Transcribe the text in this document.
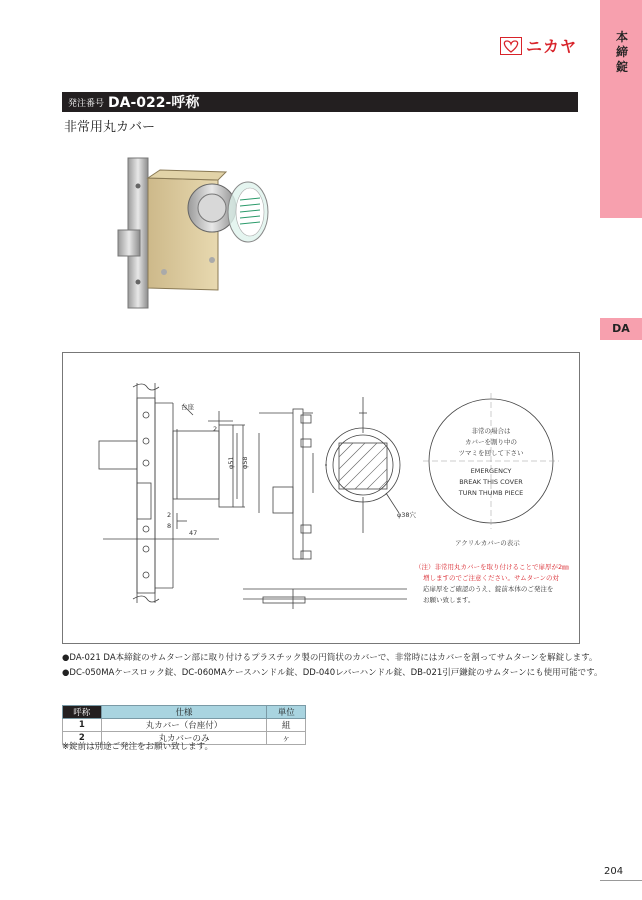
本締錠
DA
ニカヤ
発注番号 DA-022-呼称
非常用丸カバー
非常の場合は
カバーを割り中の
ツマミを回して下さい
EMERGENCY
BREAK THIS COVER
TURN THUMB PIECE
台座
2
φ51 φ58
2
8
47
φ38穴
アクリルカバーの表示
（注）非常用丸カバーを取り付けることで扉厚が2㎜
増しますのでご注意ください。サムターンの対
応扉厚をご確認のうえ、錠前本体のご発注を
お願い致します。
●DA-021 DA本締錠のサムターン部に取り付けるプラスチック製の円筒状のカバーで、非常時にはカバーを割ってサムターンを解錠します。
●DC-050MAケースロック錠、DC-060MAケースハンドル錠、DD-040レバーハンドル錠、DB-021引戸鎌錠のサムターンにも使用可能です。
呼称	仕様	単位
1	丸カバー（台座付）	組
2	丸カバーのみ	ヶ
※錠前は別途ご発注をお願い致します。
204
